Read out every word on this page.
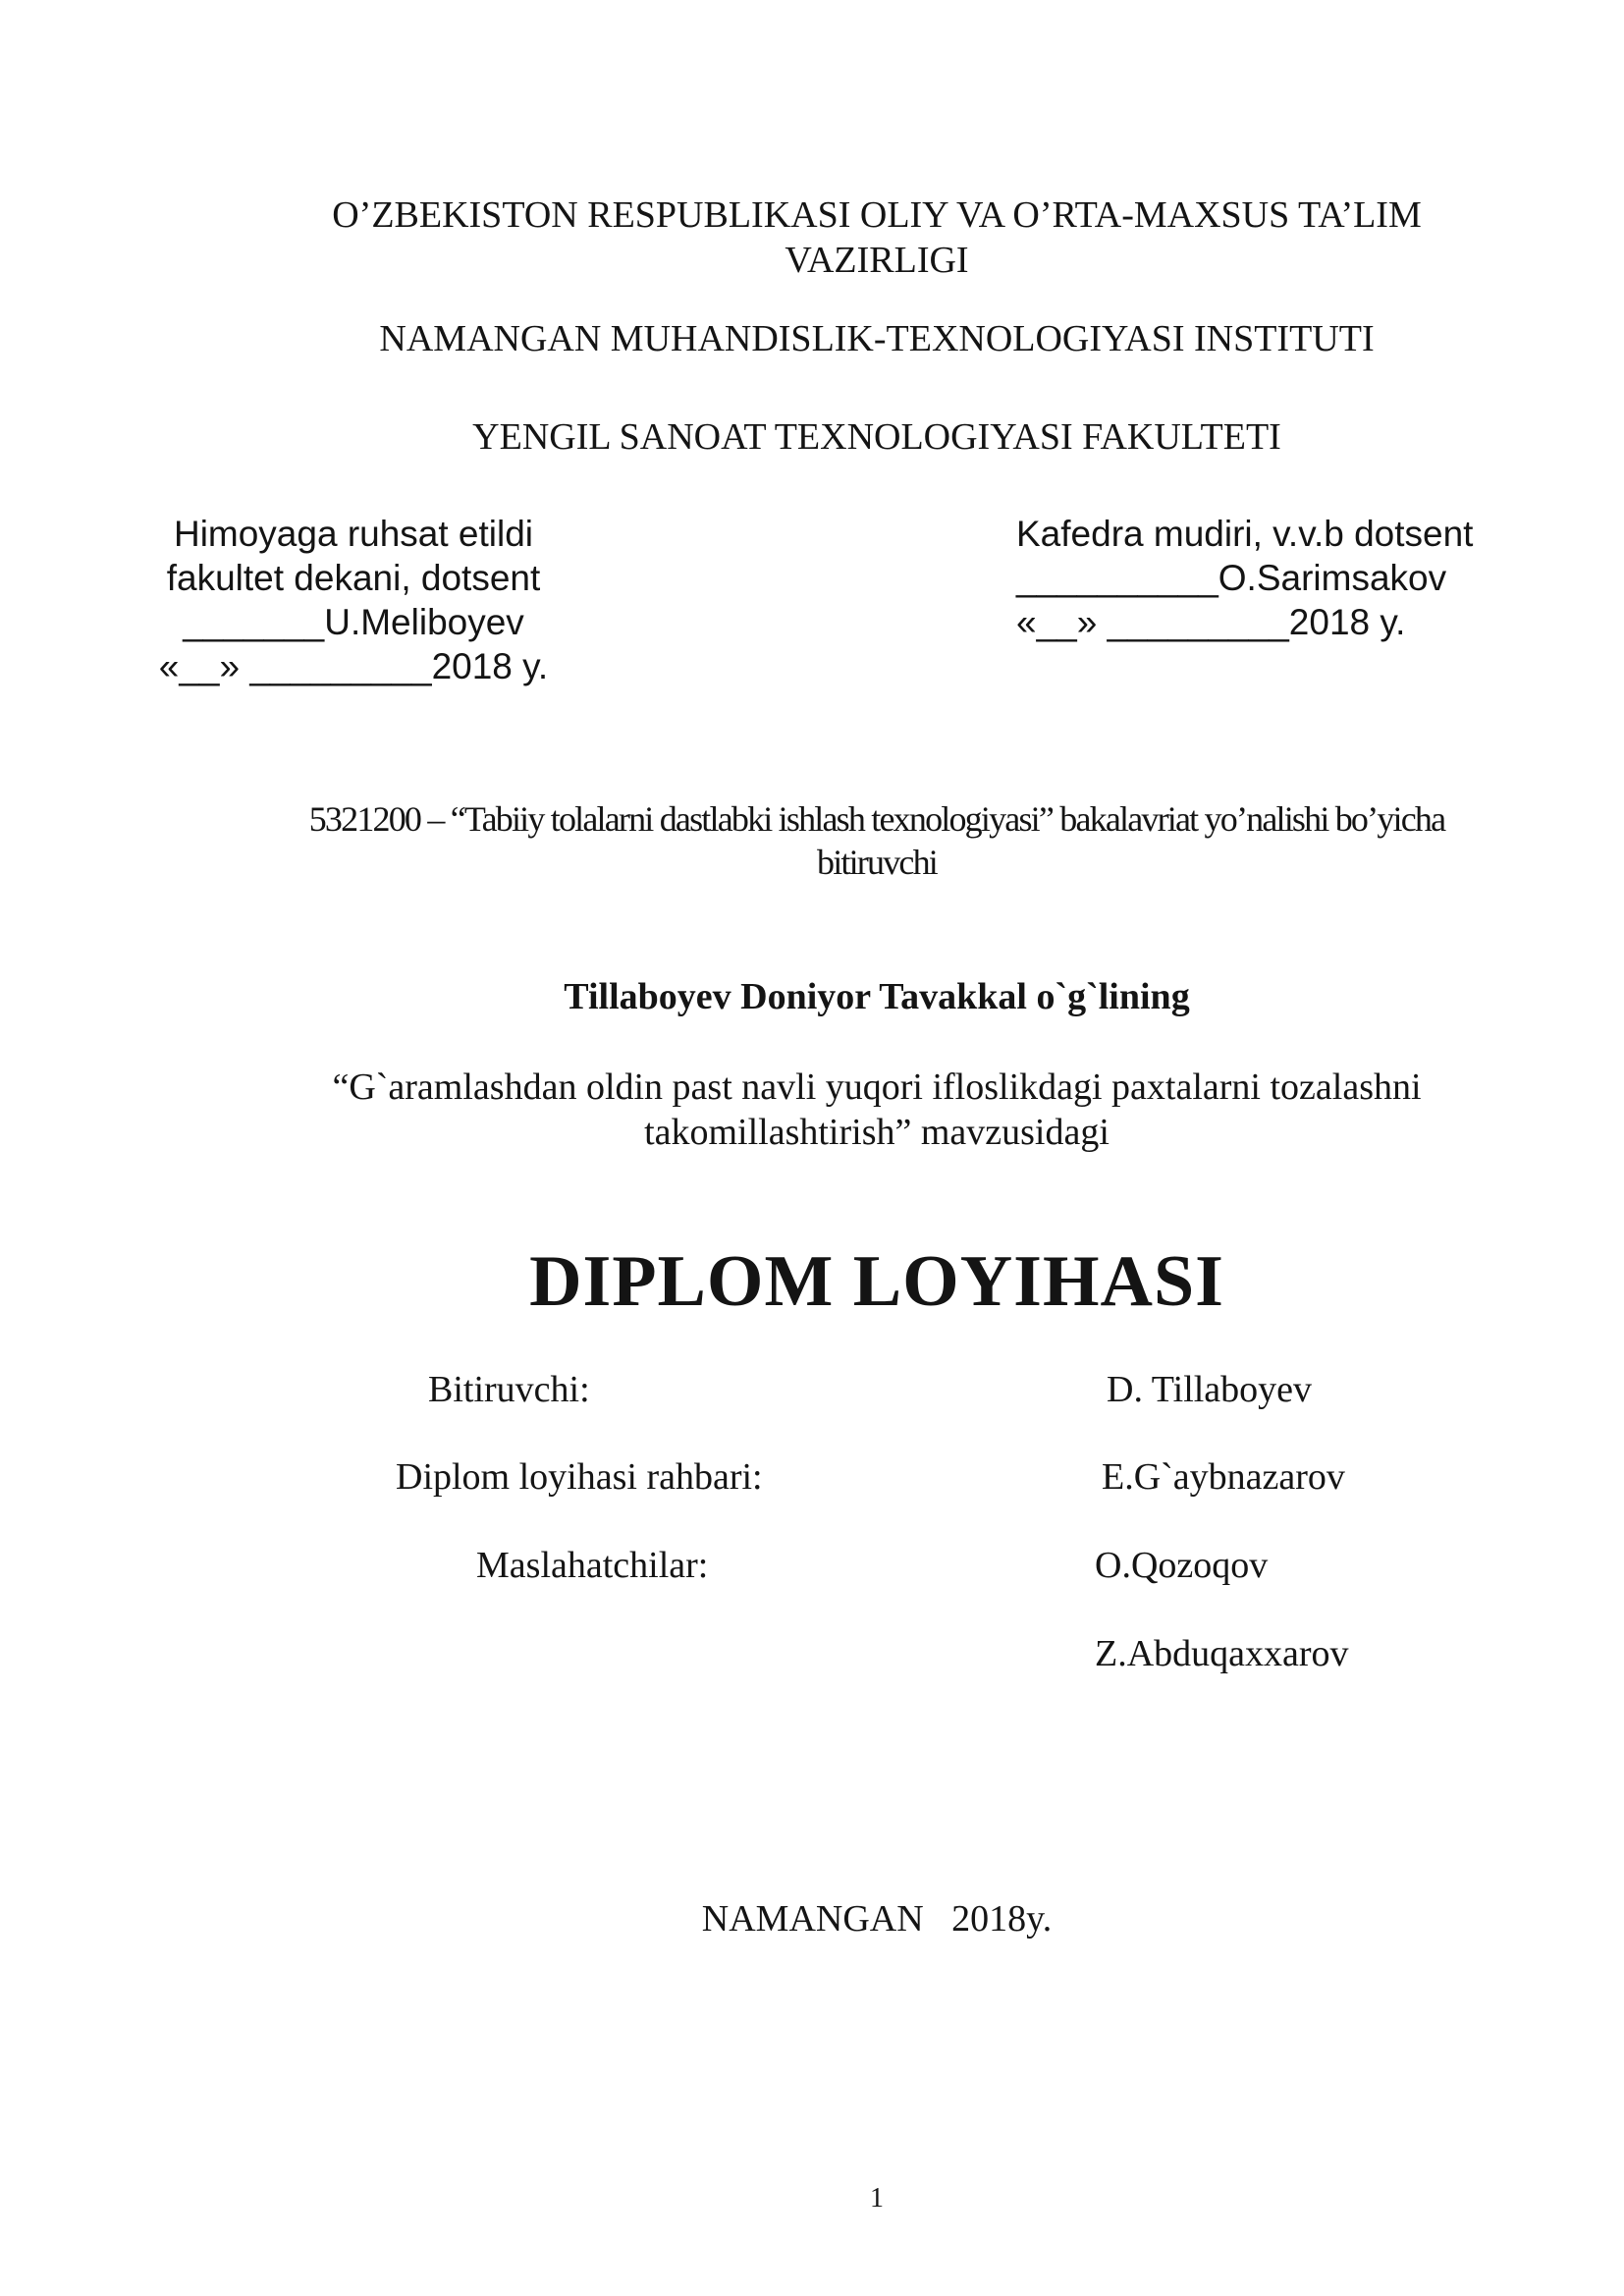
O’ZBEKISTON RESPUBLIKASI OLIY VA O’RTA-MAXSUS TA’LIM
VAZIRLIGI
NAMANGAN MUHANDISLIK-TEXNOLOGIYASI INSTITUTI
YENGIL SANOAT TEXNOLOGIYASI FAKULTETI
Himoyaga ruhsat etildi
fakultet dekani, dotsent
_______U.Meliboyev
«__» _________2018 y.
Kafedra mudiri, v.v.b dotsent
__________O.Sarimsakov
«__» _________2018 y.
5321200 – “Tabiiy tolalarni dastlabki ishlash texnologiyasi” bakalavriat yo’nalishi bo’yicha
bitiruvchi
Tillaboyev Doniyor Tavakkal o`g`lining
“G`aramlashdan oldin past navli yuqori ifloslikdagi paxtalarni tozalashni
takomillashtirish” mavzusidagi
DIPLOM LOYIHASI
Bitiruvchi:	D. Tillaboyev
Diplom loyihasi rahbari:	E.G`aybnazarov
Maslahatchilar:	O.Qozoqov
Z.Abduqaxxarov
NAMANGAN   2018y.
1
